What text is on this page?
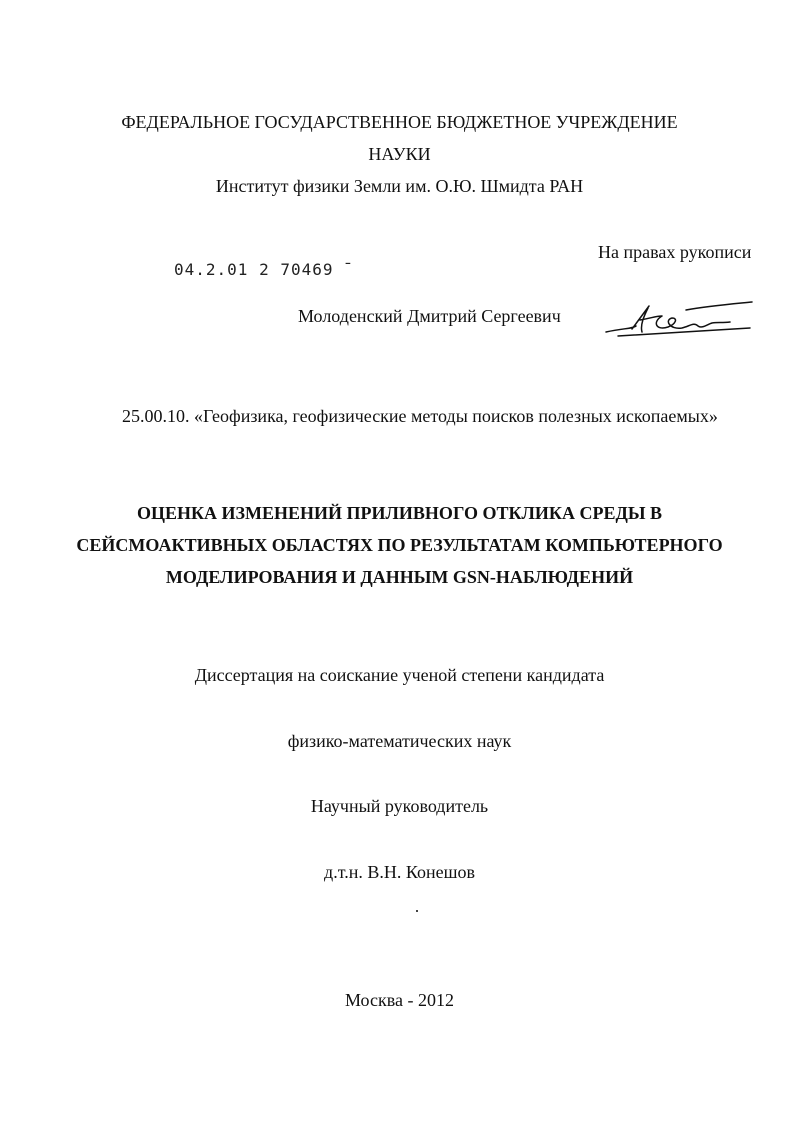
ФЕДЕРАЛЬНОЕ ГОСУДАРСТВЕННОЕ БЮДЖЕТНОЕ УЧРЕЖДЕНИЕ
НАУКИ
Институт физики Земли им. О.Ю. Шмидта РАН
На правах рукописи
04.2.01 2 70469 ̄
Молоденский Дмитрий Сергеевич
25.00.10. «Геофизика, геофизические методы поисков полезных ископаемых»
ОЦЕНКА ИЗМЕНЕНИЙ ПРИЛИВНОГО ОТКЛИКА СРЕДЫ В
СЕЙСМОАКТИВНЫХ ОБЛАСТЯХ ПО РЕЗУЛЬТАТАМ КОМПЬЮТЕРНОГО
МОДЕЛИРОВАНИЯ И ДАННЫМ GSN-НАБЛЮДЕНИЙ
Диссертация на соискание ученой степени кандидата
физико-математических наук
Научный руководитель
д.т.н. В.Н. Конешов
Москва - 2012
